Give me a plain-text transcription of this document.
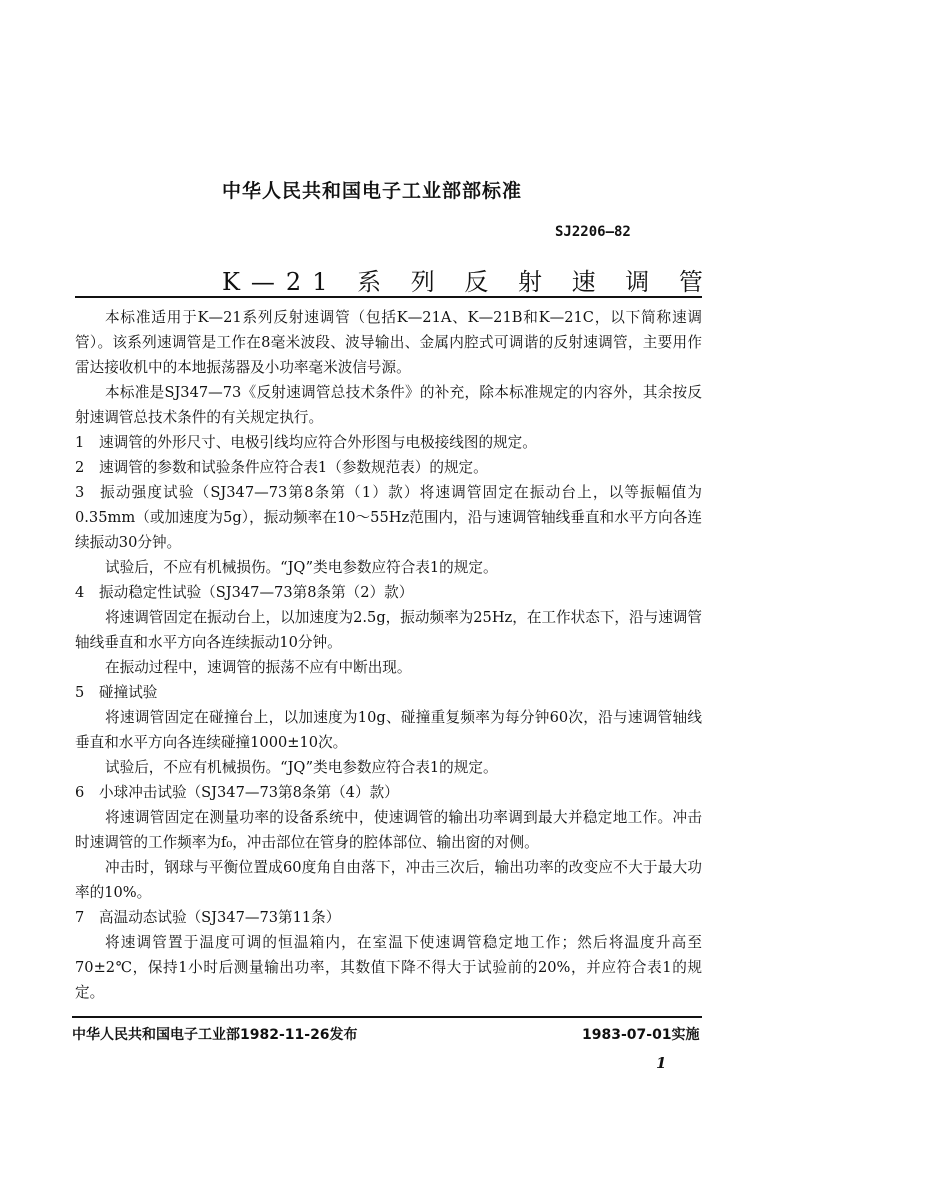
中华人民共和国电子工业部部标准
SJ2206—82
K—21 系 列 反 射 速 调 管

本标准适用于K—21系列反射速调管（包括K—21A、K—21B和K—21C，以下简称速调管）。该系列速调管是工作在8毫米波段、波导输出、金属内腔式可调谐的反射速调管，主要用作雷达接收机中的本地振荡器及小功率毫米波信号源。

本标准是SJ347—73《反射速调管总技术条件》的补充，除本标准规定的内容外，其余按反射速调管总技术条件的有关规定执行。

1	速调管的外形尺寸、电极引线均应符合外形图与电极接线图的规定。
2	速调管的参数和试验条件应符合表1（参数规范表）的规定。

3 振动强度试验（SJ347—73第8条第（1）款）将速调管固定在振动台上，以等振幅值为0.35mm（或加速度为5g），振动频率在10～55Hz范围内，沿与速调管轴线垂直和水平方向各连续振动30分钟。

试验后，不应有机械损伤。“JQ”类电参数应符合表1的规定。

4	振动稳定性试验（SJ347—73第8条第（2）款）

将速调管固定在振动台上，以加速度为2.5g，振动频率为25Hz，在工作状态下，沿与速调管轴线垂直和水平方向各连续振动10分钟。

在振动过程中，速调管的振荡不应有中断出现。

5	碰撞试验

将速调管固定在碰撞台上，以加速度为10g、碰撞重复频率为每分钟60次，沿与速调管轴线垂直和水平方向各连续碰撞1000±10次。

试验后，不应有机械损伤。“JQ”类电参数应符合表1的规定。

6	小球冲击试验（SJ347—73第8条第（4）款）

将速调管固定在测量功率的设备系统中，使速调管的输出功率调到最大并稳定地工作。冲击时速调管的工作频率为f₀，冲击部位在管身的腔体部位、输出窗的对侧。

冲击时，钢球与平衡位置成60度角自由落下，冲击三次后，输出功率的改变应不大于最大功率的10%。

7	高温动态试验（SJ347—73第11条）

将速调管置于温度可调的恒温箱内，在室温下使速调管稳定地工作；然后将温度升高至70±2℃，保持1小时后测量输出功率，其数值下降不得大于试验前的20%，并应符合表1的规定。

中华人民共和国电子工业部1982-11-26发布	1983-07-01实施
1
